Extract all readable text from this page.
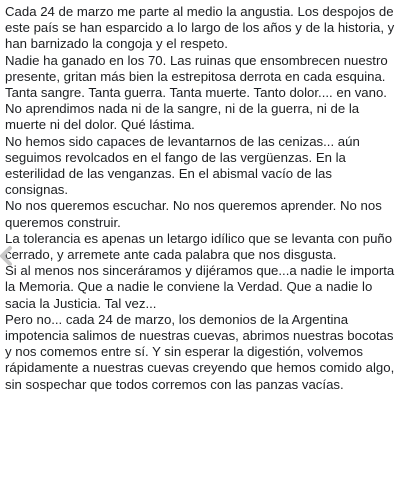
Cada 24 de marzo me parte al medio la angustia. Los despojos de este país se han esparcido a lo largo de los años y de la historia, y han barnizado la congoja y el respeto.

Nadie ha ganado en los 70. Las ruinas que ensombrecen nuestro presente, gritan más bien la estrepitosa derrota en cada esquina.

Tanta sangre. Tanta guerra. Tanta muerte. Tanto dolor.... en vano.

No aprendimos nada ni de la sangre, ni de la guerra, ni de la muerte ni del dolor. Qué lástima.

No hemos sido capaces de levantarnos de las cenizas... aún seguimos revolcados en el fango de las vergüenzas. En la esterilidad de las venganzas. En el abismal vacío de las consignas.

No nos queremos escuchar. No nos queremos aprender. No nos queremos construir.

La tolerancia es apenas un letargo idílico que se levanta con puño cerrado, y arremete ante cada palabra que nos disgusta.

Si al menos nos sinceráramos y dijéramos que...a nadie le importa la Memoria. Que a nadie le conviene la Verdad. Que a nadie lo sacia la Justicia. Tal vez...

Pero no... cada 24 de marzo, los demonios de la Argentina impotencia salimos de nuestras cuevas, abrimos nuestras bocotas y nos comemos entre sí. Y sin esperar la digestión, volvemos rápidamente a nuestras cuevas creyendo que hemos comido algo, sin sospechar que todos corremos con las panzas vacías.
